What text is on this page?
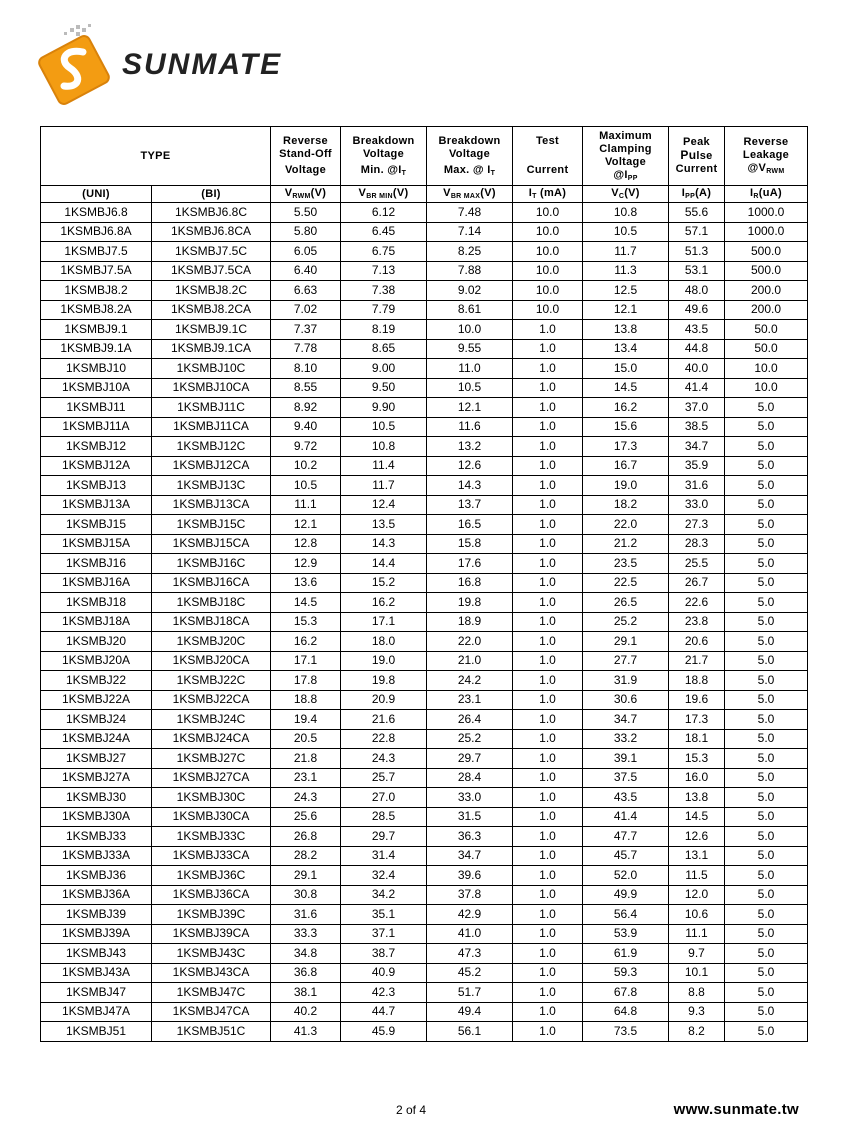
SUNMATE
TYPE		Reverse
Stand-Off
Voltage	Breakdown
Voltage
Min. $@I_T$	Breakdown
Voltage
Max. @ $I_T$	Test
Current	Maximum
Clamping
Voltage
$@I_{PP}$	Peak
Pulse
Current	Reverse
Leakage
$@V_{RWM}$

(UNI)	(BI)	$V_{RWM}(V)$	$V_{BR MIN}(V)$	$V_{BR MAX}(V)$	$I_T$ (mA)	$V_C(V)$	$I_{PP}(A)$	$I_R(uA)$
1KSMBJ6.8	1KSMBJ6.8C	5.50	6.12	7.48	10.0	10.8	55.6	1000.0
1KSMBJ6.8A	1KSMBJ6.8CA	5.80	6.45	7.14	10.0	10.5	57.1	1000.0
1KSMBJ7.5	1KSMBJ7.5C	6.05	6.75	8.25	10.0	11.7	51.3	500.0
1KSMBJ7.5A	1KSMBJ7.5CA	6.40	7.13	7.88	10.0	11.3	53.1	500.0
1KSMBJ8.2	1KSMBJ8.2C	6.63	7.38	9.02	10.0	12.5	48.0	200.0
1KSMBJ8.2A	1KSMBJ8.2CA	7.02	7.79	8.61	10.0	12.1	49.6	200.0
1KSMBJ9.1	1KSMBJ9.1C	7.37	8.19	10.0	1.0	13.8	43.5	50.0
1KSMBJ9.1A	1KSMBJ9.1CA	7.78	8.65	9.55	1.0	13.4	44.8	50.0
1KSMBJ10	1KSMBJ10C	8.10	9.00	11.0	1.0	15.0	40.0	10.0
1KSMBJ10A	1KSMBJ10CA	8.55	9.50	10.5	1.0	14.5	41.4	10.0
1KSMBJ11	1KSMBJ11C	8.92	9.90	12.1	1.0	16.2	37.0	5.0
1KSMBJ11A	1KSMBJ11CA	9.40	10.5	11.6	1.0	15.6	38.5	5.0
1KSMBJ12	1KSMBJ12C	9.72	10.8	13.2	1.0	17.3	34.7	5.0
1KSMBJ12A	1KSMBJ12CA	10.2	11.4	12.6	1.0	16.7	35.9	5.0
1KSMBJ13	1KSMBJ13C	10.5	11.7	14.3	1.0	19.0	31.6	5.0
1KSMBJ13A	1KSMBJ13CA	11.1	12.4	13.7	1.0	18.2	33.0	5.0
1KSMBJ15	1KSMBJ15C	12.1	13.5	16.5	1.0	22.0	27.3	5.0
1KSMBJ15A	1KSMBJ15CA	12.8	14.3	15.8	1.0	21.2	28.3	5.0
1KSMBJ16	1KSMBJ16C	12.9	14.4	17.6	1.0	23.5	25.5	5.0
1KSMBJ16A	1KSMBJ16CA	13.6	15.2	16.8	1.0	22.5	26.7	5.0
1KSMBJ18	1KSMBJ18C	14.5	16.2	19.8	1.0	26.5	22.6	5.0
1KSMBJ18A	1KSMBJ18CA	15.3	17.1	18.9	1.0	25.2	23.8	5.0
1KSMBJ20	1KSMBJ20C	16.2	18.0	22.0	1.0	29.1	20.6	5.0
1KSMBJ20A	1KSMBJ20CA	17.1	19.0	21.0	1.0	27.7	21.7	5.0
1KSMBJ22	1KSMBJ22C	17.8	19.8	24.2	1.0	31.9	18.8	5.0
1KSMBJ22A	1KSMBJ22CA	18.8	20.9	23.1	1.0	30.6	19.6	5.0
1KSMBJ24	1KSMBJ24C	19.4	21.6	26.4	1.0	34.7	17.3	5.0
1KSMBJ24A	1KSMBJ24CA	20.5	22.8	25.2	1.0	33.2	18.1	5.0
1KSMBJ27	1KSMBJ27C	21.8	24.3	29.7	1.0	39.1	15.3	5.0
1KSMBJ27A	1KSMBJ27CA	23.1	25.7	28.4	1.0	37.5	16.0	5.0
1KSMBJ30	1KSMBJ30C	24.3	27.0	33.0	1.0	43.5	13.8	5.0
1KSMBJ30A	1KSMBJ30CA	25.6	28.5	31.5	1.0	41.4	14.5	5.0
1KSMBJ33	1KSMBJ33C	26.8	29.7	36.3	1.0	47.7	12.6	5.0
1KSMBJ33A	1KSMBJ33CA	28.2	31.4	34.7	1.0	45.7	13.1	5.0
1KSMBJ36	1KSMBJ36C	29.1	32.4	39.6	1.0	52.0	11.5	5.0
1KSMBJ36A	1KSMBJ36CA	30.8	34.2	37.8	1.0	49.9	12.0	5.0
1KSMBJ39	1KSMBJ39C	31.6	35.1	42.9	1.0	56.4	10.6	5.0
1KSMBJ39A	1KSMBJ39CA	33.3	37.1	41.0	1.0	53.9	11.1	5.0
1KSMBJ43	1KSMBJ43C	34.8	38.7	47.3	1.0	61.9	9.7	5.0
1KSMBJ43A	1KSMBJ43CA	36.8	40.9	45.2	1.0	59.3	10.1	5.0
1KSMBJ47	1KSMBJ47C	38.1	42.3	51.7	1.0	67.8	8.8	5.0
1KSMBJ47A	1KSMBJ47CA	40.2	44.7	49.4	1.0	64.8	9.3	5.0
1KSMBJ51	1KSMBJ51C	41.3	45.9	56.1	1.0	73.5	8.2	5.0
2 of 4	www.sunmate.tw
